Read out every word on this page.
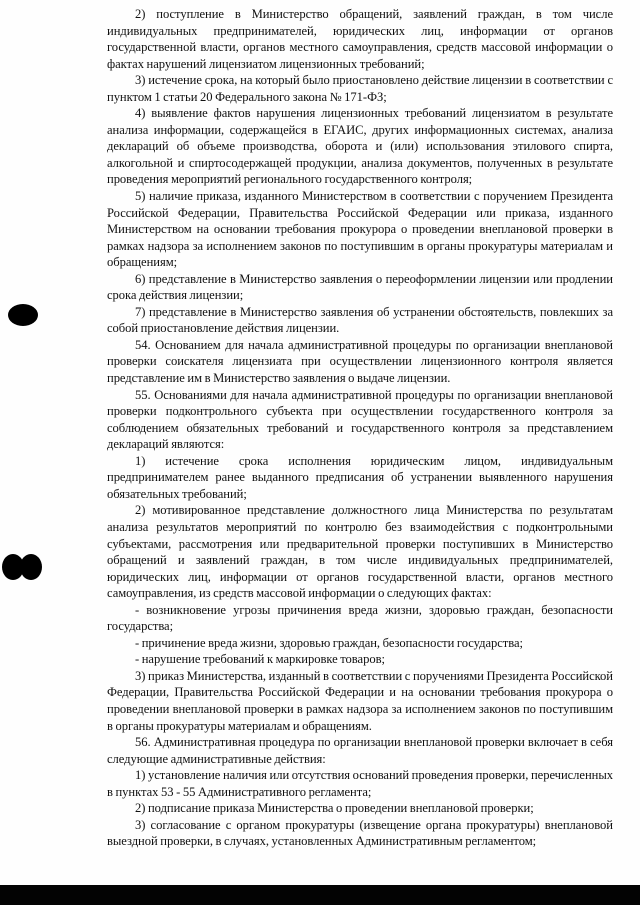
2) поступление в Министерство обращений, заявлений граждан, в том числе индивидуальных предпринимателей, юридических лиц, информации от органов государственной власти, органов местного самоуправления, средств массовой информации о фактах нарушений лицензиатом лицензионных требований;

3) истечение срока, на который было приостановлено действие лицензии в соответствии с пунктом 1 статьи 20 Федерального закона № 171-ФЗ;

4) выявление фактов нарушения лицензионных требований лицензиатом в результате анализа информации, содержащейся в ЕГАИС, других информационных системах, анализа деклараций об объеме производства, оборота и (или) использования этилового спирта, алкогольной и спиртосодержащей продукции, анализа документов, полученных в результате проведения мероприятий регионального государственного контроля;

5) наличие приказа, изданного Министерством в соответствии с поручением Президента Российской Федерации, Правительства Российской Федерации или приказа, изданного Министерством на основании требования прокурора о проведении внеплановой проверки в рамках надзора за исполнением законов по поступившим в органы прокуратуры материалам и обращениям;

6) представление в Министерство заявления о переоформлении лицензии или продлении срока действия лицензии;

7) представление в Министерство заявления об устранении обстоятельств, повлекших за собой приостановление действия лицензии.

54. Основанием для начала административной процедуры по организации внеплановой проверки соискателя лицензиата при осуществлении лицензионного контроля является представление им в Министерство заявления о выдаче лицензии.

55. Основаниями для начала административной процедуры по организации внеплановой проверки подконтрольного субъекта при осуществлении государственного контроля за соблюдением обязательных требований и государственного контроля за представлением деклараций являются:

1) истечение срока исполнения юридическим лицом, индивидуальным предпринимателем ранее выданного предписания об устранении выявленного нарушения обязательных требований;

2) мотивированное представление должностного лица Министерства по результатам анализа результатов мероприятий по контролю без взаимодействия с подконтрольными субъектами, рассмотрения или предварительной проверки поступивших в Министерство обращений и заявлений граждан, в том числе индивидуальных предпринимателей, юридических лиц, информации от органов государственной власти, органов местного самоуправления, из средств массовой информации о следующих фактах:

- возникновение угрозы причинения вреда жизни, здоровью граждан, безопасности государства;

- причинение вреда жизни, здоровью граждан, безопасности государства;

- нарушение требований к маркировке товаров;

3) приказ Министерства, изданный в соответствии с поручениями Президента Российской Федерации, Правительства Российской Федерации и на основании требования прокурора о проведении внеплановой проверки в рамках надзора за исполнением законов по поступившим в органы прокуратуры материалам и обращениям.

56. Административная процедура по организации внеплановой проверки включает в себя следующие административные действия:

1) установление наличия или отсутствия оснований проведения проверки, перечисленных в пунктах 53 - 55 Административного регламента;

2) подписание приказа Министерства о проведении внеплановой проверки;

3) согласование с органом прокуратуры (извещение органа прокуратуры) внеплановой выездной проверки, в случаях, установленных Административным регламентом;
